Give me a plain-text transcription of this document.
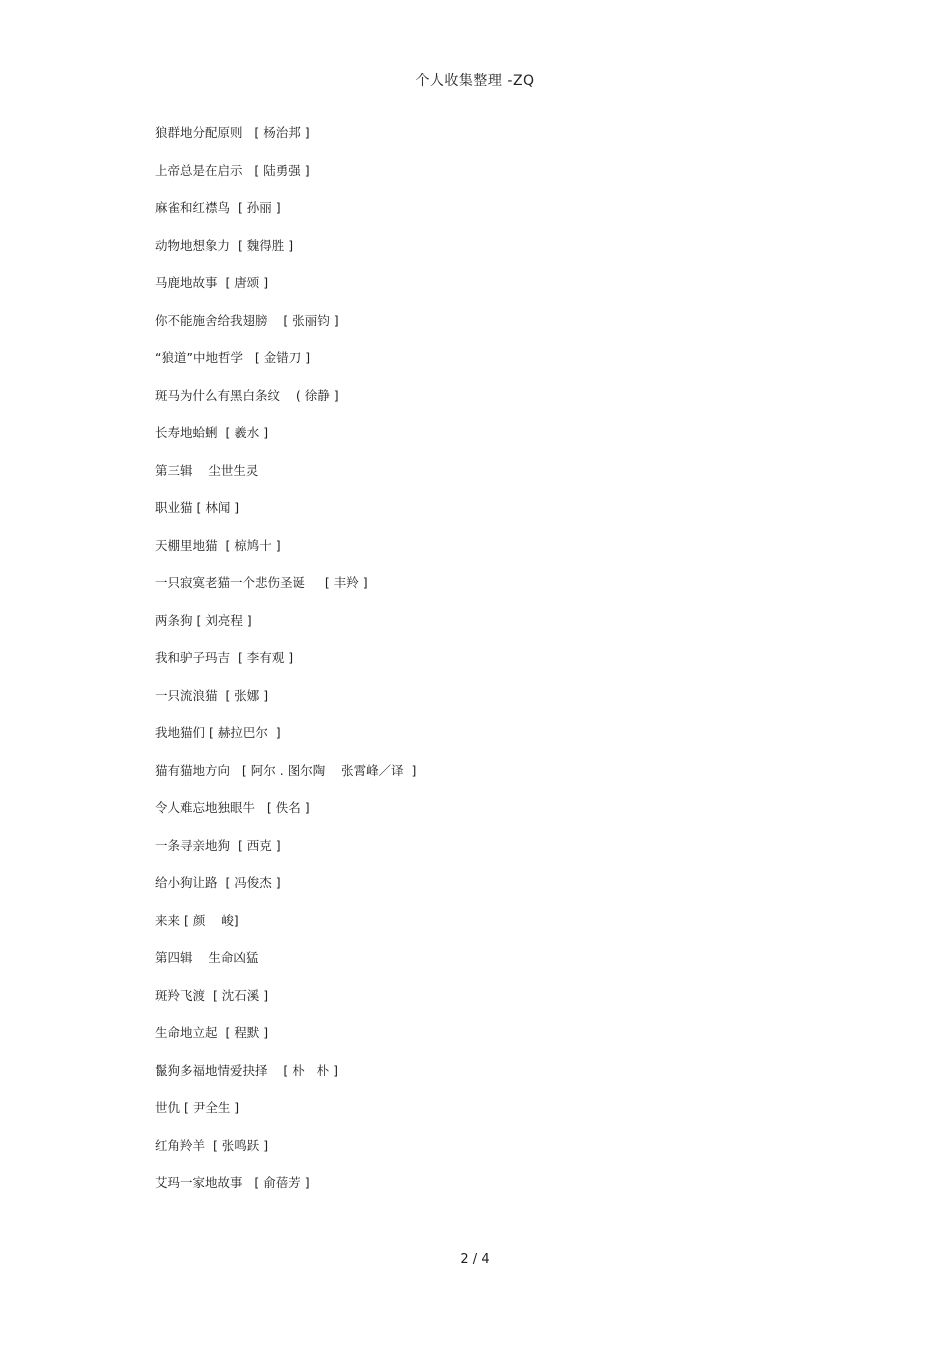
个人收集整理 -ZQ
狼群地分配原则   [ 杨治邦 ]
上帝总是在启示   [ 陆勇强 ]
麻雀和红襟鸟  [ 孙丽 ]
动物地想象力  [ 魏得胜 ]
马鹿地故事  [ 唐颂 ]
你不能施舍给我翅膀    [ 张丽钧 ]
“狼道”中地哲学   [ 金错刀 ]
斑马为什么有黑白条纹    ( 徐静 ]
长寿地蛤蜊  [ 羲水 ]
第三辑    尘世生灵
职业猫 [ 林闻 ]
天棚里地猫  [ 椋鸠十 ]
一只寂寞老猫一个悲伤圣诞     [ 丰羚 ]
两条狗 [ 刘亮程 ]
我和驴子玛吉  [ 李有观 ]
一只流浪猫  [ 张娜 ]
我地猫们 [ 赫拉巴尔  ]
猫有猫地方向   [ 阿尔 . 图尔陶    张霄峰／译  ]
令人难忘地独眼牛   [ 佚名 ]
一条寻亲地狗  [ 西克 ]
给小狗让路  [ 冯俊杰 ]
来来 [ 颜    峻]
第四辑    生命凶猛
斑羚飞渡  [ 沈石溪 ]
生命地立起  [ 程默 ]
鬣狗多福地情爱抉择    [ 朴   朴 ]
世仇 [ 尹全生 ]
红角羚羊  [ 张鸣跃 ]
艾玛一家地故事   [ 俞蓓芳 ]
2 / 4
